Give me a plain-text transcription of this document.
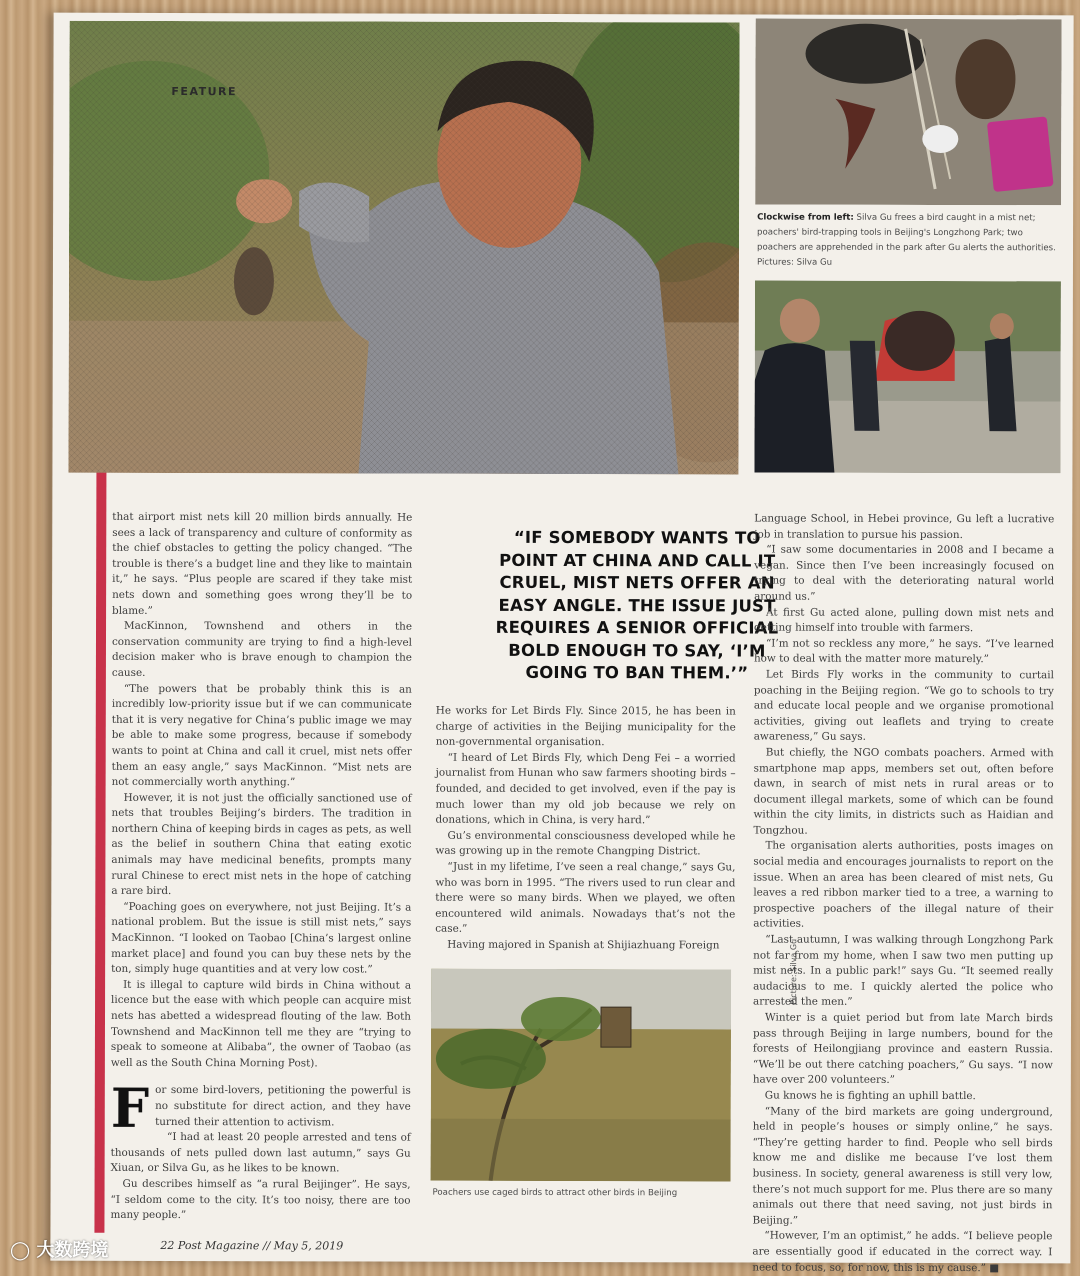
FEATURE
Clockwise from left: Silva Gu frees a bird caught in a mist net; poachers' bird-trapping tools in Beijing's Longzhong Park; two poachers are apprehended in the park after Gu alerts the authorities. Pictures: Silva Gu

that airport mist nets kill 20 million birds annually. He sees a lack of transparency and culture of conformity as the chief obstacles to getting the policy changed. “The trouble is there’s a budget line and they like to maintain it,” he says. “Plus people are scared if they take mist nets down and something goes wrong they’ll be to blame.”

MacKinnon, Townshend and others in the conservation community are trying to find a high-level decision maker who is brave enough to champion the cause.

“The powers that be probably think this is an incredibly low-priority issue but if we can communicate that it is very negative for China’s public image we may be able to make some progress, because if somebody wants to point at China and call it cruel, mist nets offer them an easy angle,” says MacKinnon. “Mist nets are not commercially worth anything.”

However, it is not just the officially sanctioned use of nets that troubles Beijing’s birders. The tradition in northern China of keeping birds in cages as pets, as well as the belief in southern China that eating exotic animals may have medicinal benefits, prompts many rural Chinese to erect mist nets in the hope of catching a rare bird.

“Poaching goes on everywhere, not just Beijing. It’s a national problem. But the issue is still mist nets,” says MacKinnon. “I looked on Taobao [China’s largest online market place] and found you can buy these nets by the ton, simply huge quantities and at very low cost.”

It is illegal to capture wild birds in China without a licence but the ease with which people can acquire mist nets has abetted a widespread flouting of the law. Both Townshend and MacKinnon tell me they are “trying to speak to someone at Alibaba”, the owner of Taobao (as well as the South China Morning Post).

For some bird-lovers, petitioning the powerful is no substitute for direct action, and they have turned their attention to activism.

“I had at least 20 people arrested and tens of thousands of nets pulled down last autumn,” says Gu Xiuan, or Silva Gu, as he likes to be known.

Gu describes himself as “a rural Beijinger”. He says, “I seldom come to the city. It’s too noisy, there are too many people.”

“IF SOMEBODY WANTS TO POINT AT CHINA AND CALL IT CRUEL, MIST NETS OFFER AN EASY ANGLE. THE ISSUE JUST REQUIRES A SENIOR OFFICIAL BOLD ENOUGH TO SAY, ‘I’M GOING TO BAN THEM.’”

He works for Let Birds Fly. Since 2015, he has been in charge of activities in the Beijing municipality for the non-governmental organisation.

“I heard of Let Birds Fly, which Deng Fei – a worried journalist from Hunan who saw farmers shooting birds – founded, and decided to get involved, even if the pay is much lower than my old job because we rely on donations, which in China, is very hard.”

Gu’s environmental consciousness developed while he was growing up in the remote Changping District.

“Just in my lifetime, I’ve seen a real change,” says Gu, who was born in 1995. “The rivers used to run clear and there were so many birds. When we played, we often encountered wild animals. Nowadays that’s not the case.”

Having majored in Spanish at Shijiazhuang Foreign	Picture: Silva Gu
Poachers use caged birds to attract other birds in Beijing

Language School, in Hebei province, Gu left a lucrative job in translation to pursue his passion.

“I saw some documentaries in 2008 and I became a vegan. Since then I’ve been increasingly focused on trying to deal with the deteriorating natural world around us.”

At first Gu acted alone, pulling down mist nets and getting himself into trouble with farmers.

“I’m not so reckless any more,” he says. “I’ve learned how to deal with the matter more maturely.”

Let Birds Fly works in the community to curtail poaching in the Beijing region. “We go to schools to try and educate local people and we organise promotional activities, giving out leaflets and trying to create awareness,” Gu says.

But chiefly, the NGO combats poachers. Armed with smartphone map apps, members set out, often before dawn, in search of mist nets in rural areas or to document illegal markets, some of which can be found within the city limits, in districts such as Haidian and Tongzhou.

The organisation alerts authorities, posts images on social media and encourages journalists to report on the issue. When an area has been cleared of mist nets, Gu leaves a red ribbon marker tied to a tree, a warning to prospective poachers of the illegal nature of their activities.

“Last autumn, I was walking through Longzhong Park not far from my home, when I saw two men putting up mist nets. In a public park!” says Gu. “It seemed really audacious to me. I quickly alerted the police who arrested the men.”

Winter is a quiet period but from late March birds pass through Beijing in large numbers, bound for the forests of Heilongjiang province and eastern Russia. “We’ll be out there catching poachers,” Gu says. “I now have over 200 volunteers.”

Gu knows he is fighting an uphill battle.

“Many of the bird markets are going underground, held in people’s houses or simply online,” he says. “They’re getting harder to find. People who sell birds know me and dislike me because I’ve lost them business. In society, general awareness is still very low, there’s not much support for me. Plus there are so many animals out there that need saving, not just birds in Beijing.”

“However, I’m an optimist,” he adds. “I believe people are essentially good if educated in the correct way. I need to focus, so, for now, this is my cause.” ■

22 Post Magazine // May 5, 2019
◯ 大数跨境
